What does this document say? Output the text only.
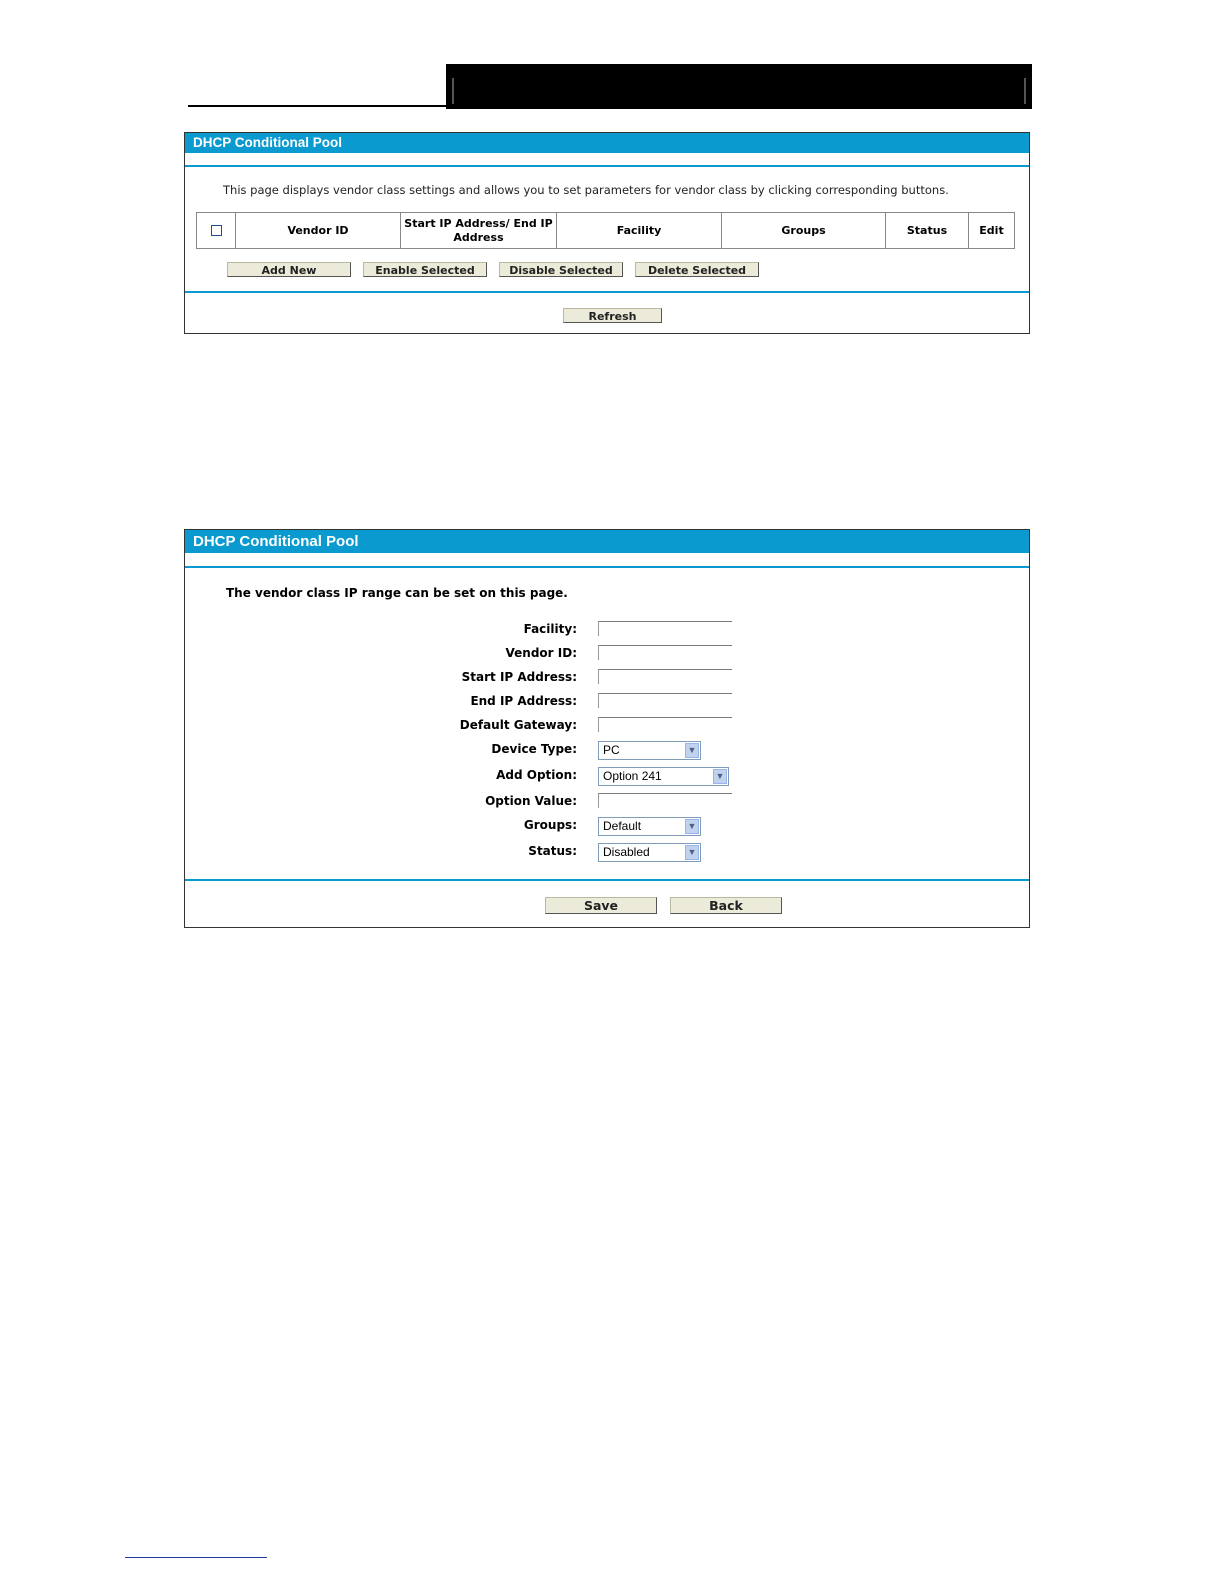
DHCP Conditional Pool
This page displays vendor class settings and allows you to set parameters for vendor class by clicking corresponding buttons.
	Vendor ID	Start IP Address/ End IP Address	Facility	Groups	Status	Edit
Add New	Enable Selected	Disable Selected	Delete Selected
Refresh
DHCP Conditional Pool
The vendor class IP range can be set on this page.
Facility:
Vendor ID:
Start IP Address:
End IP Address:
Default Gateway:
Device Type:	PC	▼
Add Option:	Option 241	▼
Option Value:
Groups:	Default	▼
Status:	Disabled	▼
Save	Back
